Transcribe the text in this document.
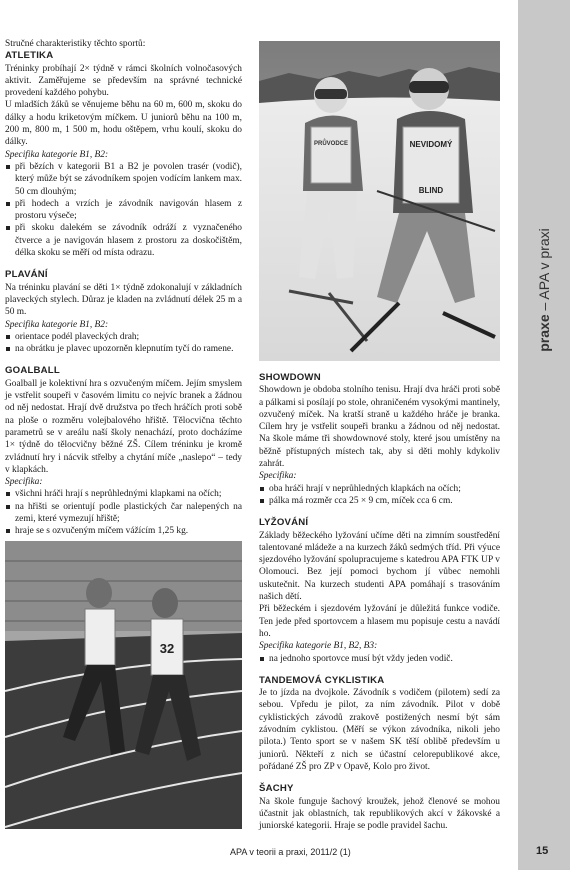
Stručné charakteristiky těchto sportů:

ATLETIKA

Tréninky probíhají 2× týdně v rámci školních volnočasových aktivit. Zaměřujeme se především na správné technické provedení každého pohybu.

U mladších žáků se věnujeme běhu na 60 m, 600 m, skoku do dálky a hodu kriketovým míčkem. U juniorů běhu na 100 m, 200 m, 800 m, 1 500 m, hodu oštěpem, vrhu koulí, skoku do dálky.

Specifika kategorie B1, B2:

při bězích v kategorii B1 a B2 je povolen trasér (vodič), který může být se závodníkem spojen vodícím lankem max. 50 cm dlouhým;
při hodech a vrzích je závodník navigován hlasem z prostoru výseče;
při skoku dalekém se závodník odráží z vyznačeného čtverce a je navigován hlasem z prostoru za doskočištěm, délka skoku se měří od místa odrazu.

PLAVÁNÍ

Na tréninku plavání se děti 1× týdně zdokonalují v základních plaveckých stylech. Důraz je kladen na zvládnutí délek 25 m a 50 m.

Specifika kategorie B1, B2:

orientace podél plaveckých drah;
na obrátku je plavec upozorněn klepnutím tyčí do ramene.

GOALBALL

Goalball je kolektivní hra s ozvučeným míčem. Jejím smyslem je vstřelit soupeři v časovém limitu co nejvíc branek a žádnou od něj nedostat. Hrají dvě družstva po třech hráčích proti sobě na ploše o rozměru volejbalového hřiště. Tělocvična těchto parametrů se v areálu naší školy nenachází, proto docházíme 1× týdně do tělocvičny běžné ZŠ. Cílem tréninku je kromě zvládnutí hry i nácvik střelby a chytání míče „naslepo“ – tedy v klapkách.

Specifika:

všichni hráči hrají s neprůhlednými klapkami na očích;
na hřišti se orientují podle plastických čar nalepených na zemi, které vymezují hřiště;
hraje se s ozvučeným míčem vážícím 1,25 kg.
PRŮVODCE	NEVIDOMÝ
BLIND
32

SHOWDOWN

Showdown je obdoba stolního tenisu. Hrají dva hráči proti sobě a pálkami si posílají po stole, ohraničeném vysokými mantinely, ozvučený míček. Na kratší straně u každého hráče je branka. Cílem hry je vstřelit soupeři branku a žádnou od něj nedostat. Na škole máme tři showdownové stoly, které jsou umístěny na běžně přístupných místech tak, aby si děti mohly kdykoliv zahrát.

Specifika:

oba hráči hrají v neprůhledných klapkách na očích;
pálka má rozměr cca 25 × 9 cm, míček cca 6 cm.

LYŽOVÁNÍ

Základy běžeckého lyžování učíme děti na zimním soustředění talentované mládeže a na kurzech žáků sedmých tříd. Při výuce sjezdového lyžování spolupracujeme s katedrou APA FTK UP v Olomouci. Bez její pomoci bychom jí vůbec nemohli uskutečnit. Na kurzech studenti APA pomáhají s trasováním našich dětí.

Při běžeckém i sjezdovém lyžování je důležitá funkce vodiče. Ten jede před sportovcem a hlasem mu popisuje cestu a navádí ho.

Specifika kategorie B1, B2, B3:

na jednoho sportovce musí být vždy jeden vodič.

TANDEMOVÁ CYKLISTIKA

Je to jízda na dvojkole. Závodník s vodičem (pilotem) sedí za sebou. Vpředu je pilot, za ním závodník. Pilot v době cyklistických závodů zrakově postižených nesmí být sám závodním cyklistou. (Měří se výkon závodníka, nikoli jeho pilota.) Tento sport se v našem SK těší oblibě především u juniorů. Někteří z nich se účastní celorepublikové akce, pořádané ZŠ pro ZP v Opavě, Kolo pro život.

ŠACHY

Na škole funguje šachový kroužek, jehož členové se mohou účastnit jak oblastních, tak republikových akcí v žákovské a juniorské kategorii. Hraje se podle pravidel šachu.

praxe – APA v praxi
APA v teorii a praxi, 2011/2 (1)	15
